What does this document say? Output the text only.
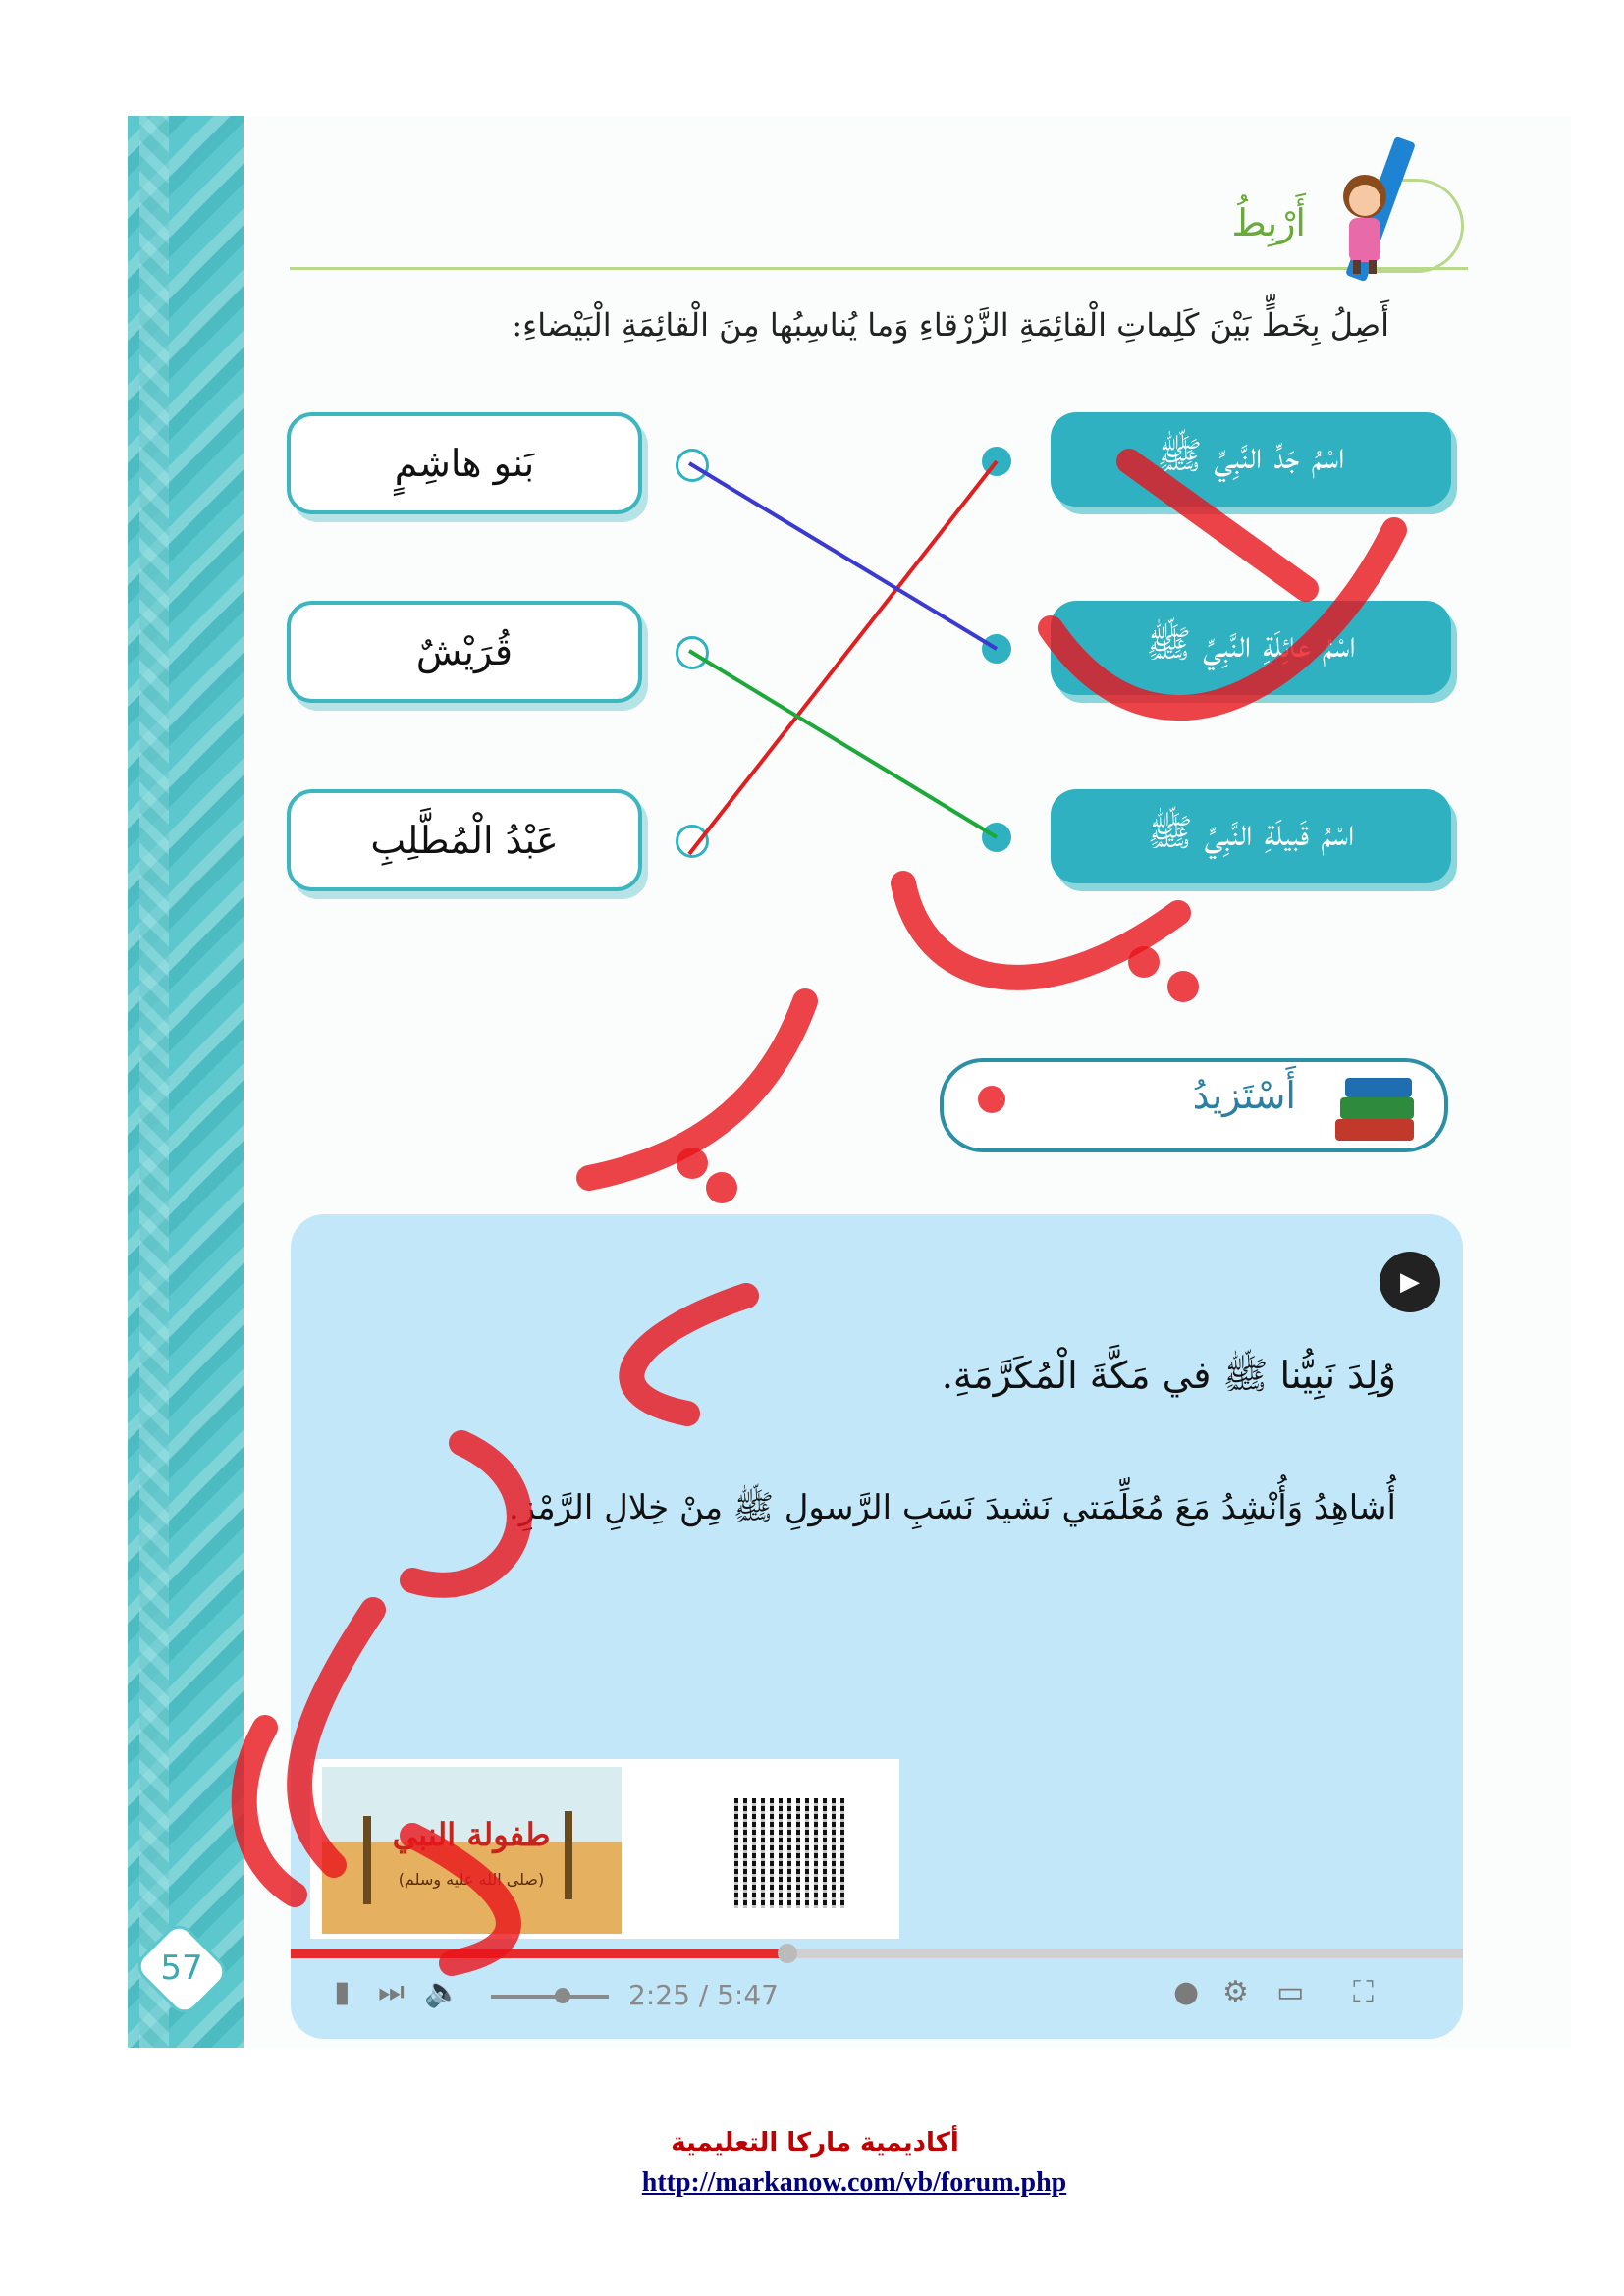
57
أَرْبِطُ
أَصِلُ بِخَطٍّ بَيْنَ كَلِماتِ الْقائِمَةِ الزَّرْقاءِ وَما يُناسِبُها مِنَ الْقائِمَةِ الْبَيْضاءِ:
اسْمُ جَدِّ النَّبِيِّ ﷺ
اسْمُ عائِلَةِ النَّبِيِّ ﷺ
اسْمُ قَبيلَةِ النَّبِيِّ ﷺ
بَنو هاشِمٍ
قُرَيْشٌ
عَبْدُ الْمُطَّلِبِ
أَسْتَزيدُ
▶
وُلِدَ نَبِيُّنا ﷺ في مَكَّةَ الْمُكَرَّمَةِ.
أُشاهِدُ وَأُنْشِدُ مَعَ مُعَلِّمَتي نَشيدَ نَسَبِ الرَّسولِ ﷺ مِنْ خِلالِ الرَّمْزِ.
طفولة النبي
(صلى الله عليه وسلم)
▮ ⏭ 🔈	2:25 / 5:47	● ⚙ ▭ ⛶
أكاديمية ماركا التعليمية
http://markanow.com/vb/forum.php
